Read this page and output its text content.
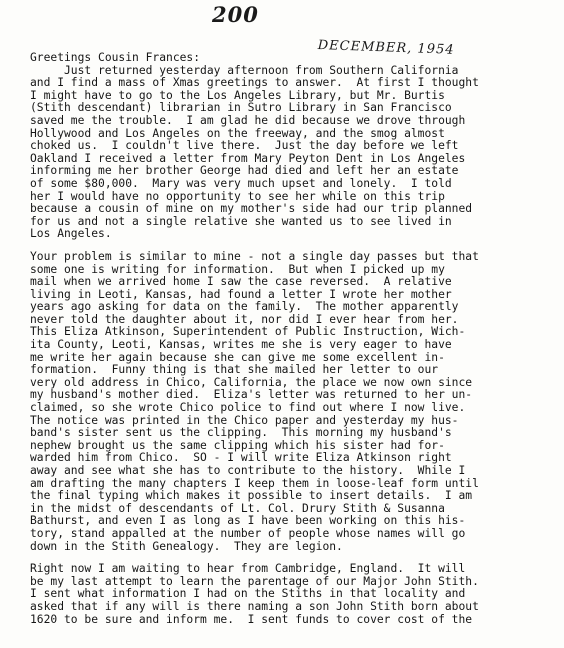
200
DECEMBER, 1954
Greetings Cousin Frances:
Just returned yesterday afternoon from Southern California
and I find a mass of Xmas greetings to answer.  At first I thought
I might have to go to the Los Angeles Library, but Mr. Burtis
(Stith descendant) librarian in Sutro Library in San Francisco
saved me the trouble.  I am glad he did because we drove through
Hollywood and Los Angeles on the freeway, and the smog almost
choked us.  I couldn't live there.  Just the day before we left
Oakland I received a letter from Mary Peyton Dent in Los Angeles
informing me her brother George had died and left her an estate
of some $80,000.  Mary was very much upset and lonely.  I told
her I would have no opportunity to see her while on this trip
because a cousin of mine on my mother's side had our trip planned
for us and not a single relative she wanted us to see lived in
Los Angeles.
Your problem is similar to mine - not a single day passes but that
some one is writing for information.  But when I picked up my
mail when we arrived home I saw the case reversed.  A relative
living in Leoti, Kansas, had found a letter I wrote her mother
years ago asking for data on the family.  The mother apparently
never told the daughter about it, nor did I ever hear from her.
This Eliza Atkinson, Superintendent of Public Instruction, Wich-
ita County, Leoti, Kansas, writes me she is very eager to have
me write her again because she can give me some excellent in-
formation.  Funny thing is that she mailed her letter to our
very old address in Chico, California, the place we now own since
my husband's mother died.  Eliza's letter was returned to her un-
claimed, so she wrote Chico police to find out where I now live.
The notice was printed in the Chico paper and yesterday my hus-
band's sister sent us the clipping.  This morning my husband's
nephew brought us the same clipping which his sister had for-
warded him from Chico.  SO - I will write Eliza Atkinson right
away and see what she has to contribute to the history.  While I
am drafting the many chapters I keep them in loose-leaf form until
the final typing which makes it possible to insert details.  I am
in the midst of descendants of Lt. Col. Drury Stith & Susanna
Bathurst, and even I as long as I have been working on this his-
tory, stand appalled at the number of people whose names will go
down in the Stith Genealogy.  They are legion.
Right now I am waiting to hear from Cambridge, England.  It will
be my last attempt to learn the parentage of our Major John Stith.
I sent what information I had on the Stiths in that locality and
asked that if any will is there naming a son John Stith born about
1620 to be sure and inform me.  I sent funds to cover cost of the
